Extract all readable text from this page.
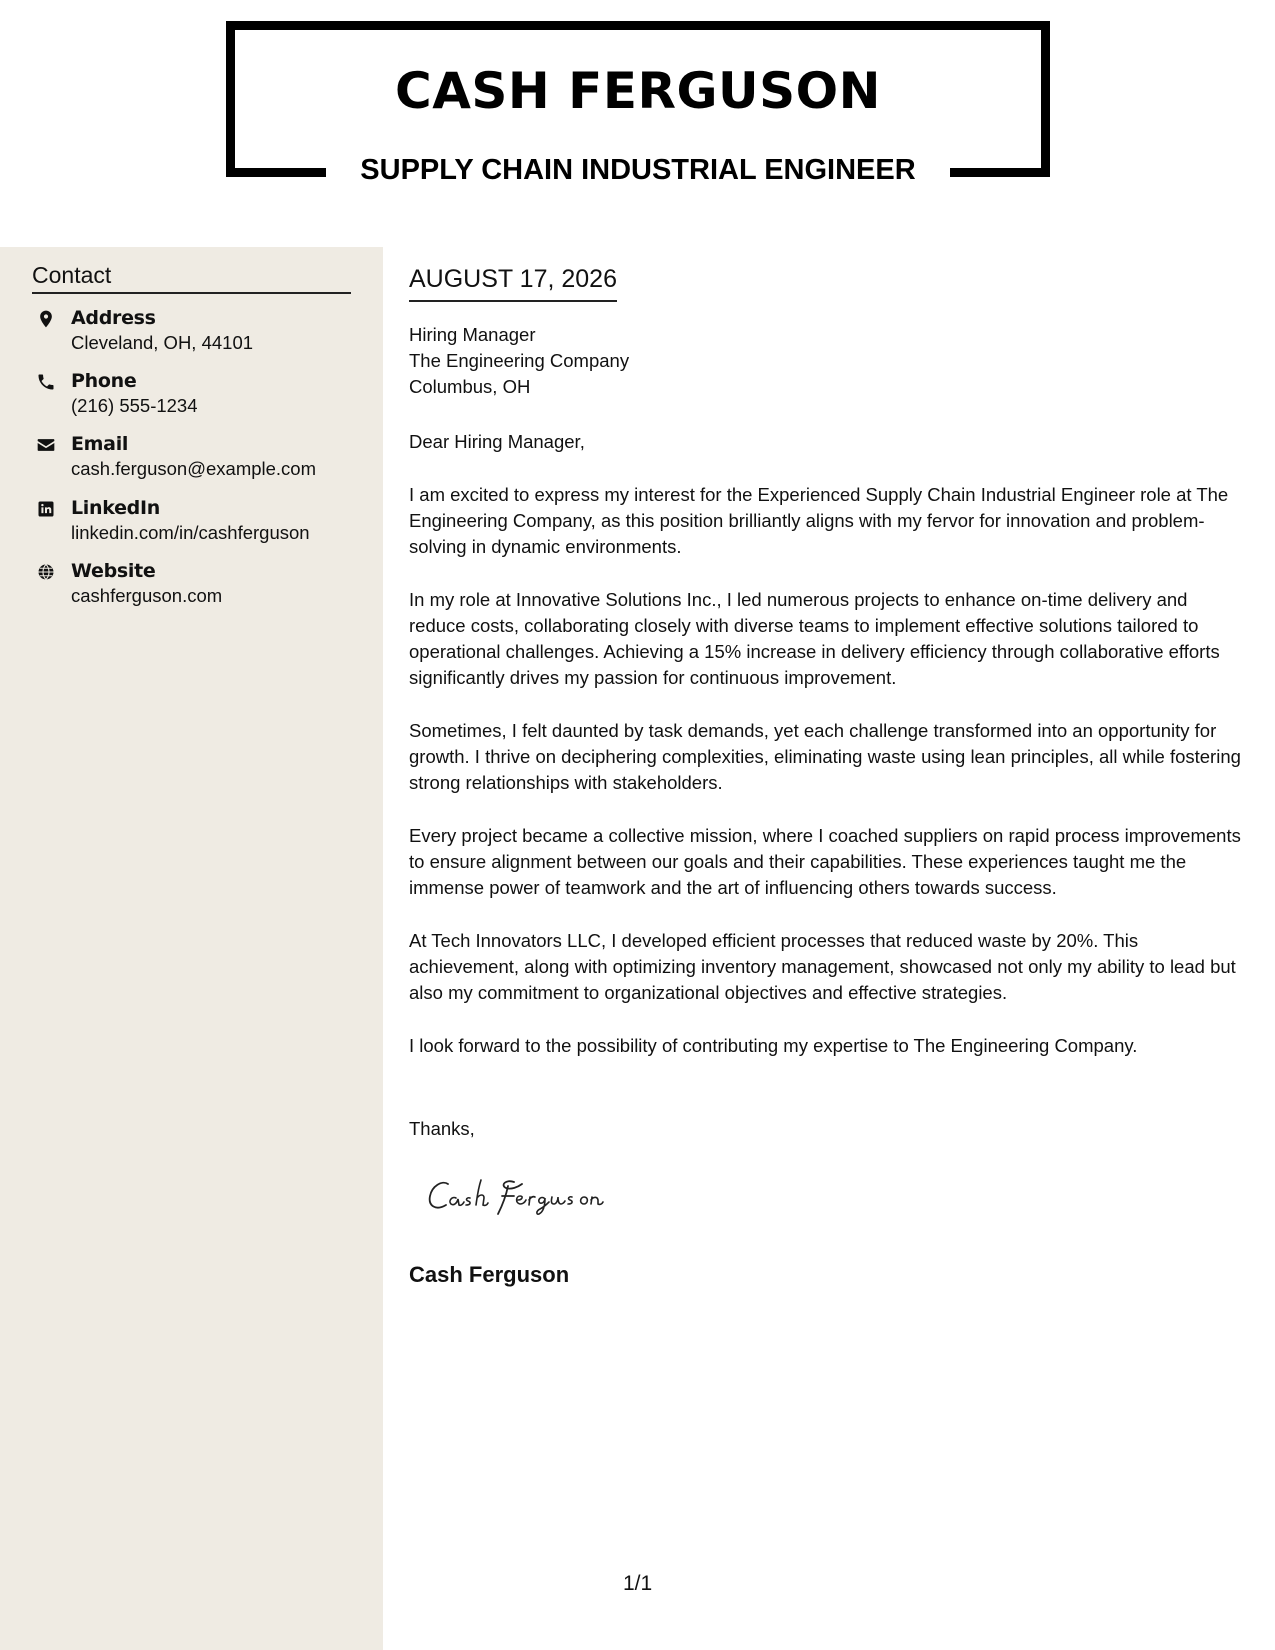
CASH FERGUSON
SUPPLY CHAIN INDUSTRIAL ENGINEER
Contact
Address
Cleveland, OH, 44101
Phone
(216) 555-1234
Email
cash.ferguson@example.com
LinkedIn
linkedin.com/in/cashferguson
Website
cashferguson.com
AUGUST 17, 2026
Hiring Manager
The Engineering Company
Columbus, OH

Dear Hiring Manager,

I am excited to express my interest for the Experienced Supply Chain Industrial Engineer role at The Engineering Company, as this position brilliantly aligns with my fervor for innovation and problem-solving in dynamic environments.

In my role at Innovative Solutions Inc., I led numerous projects to enhance on-time delivery and reduce costs, collaborating closely with diverse teams to implement effective solutions tailored to operational challenges. Achieving a 15% increase in delivery efficiency through collaborative efforts significantly drives my passion for continuous improvement.

Sometimes, I felt daunted by task demands, yet each challenge transformed into an opportunity for growth. I thrive on deciphering complexities, eliminating waste using lean principles, all while fostering strong relationships with stakeholders.

Every project became a collective mission, where I coached suppliers on rapid process improvements to ensure alignment between our goals and their capabilities. These experiences taught me the immense power of teamwork and the art of influencing others towards success.

At Tech Innovators LLC, I developed efficient processes that reduced waste by 20%. This achievement, along with optimizing inventory management, showcased not only my ability to lead but also my commitment to organizational objectives and effective strategies.

I look forward to the possibility of contributing my expertise to The Engineering Company.

Thanks,
Cash Ferguson
1/1
